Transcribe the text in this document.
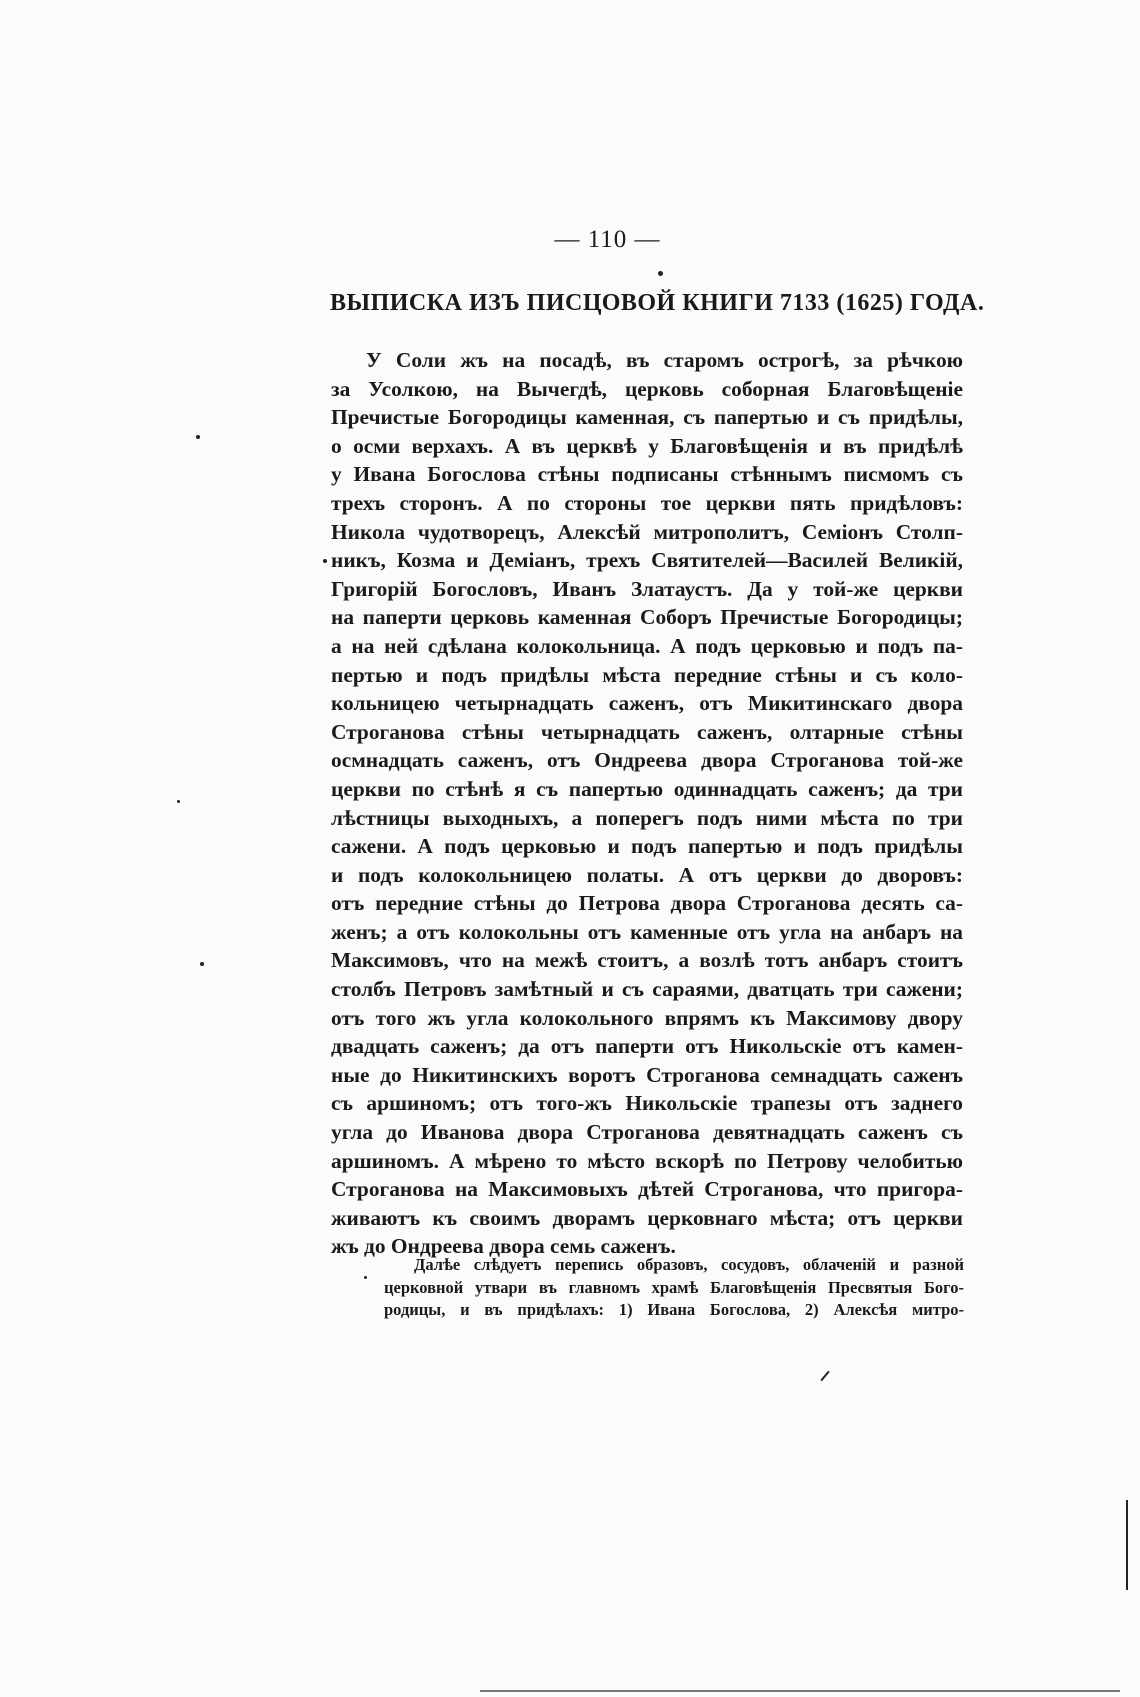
— 110 —
ВЫПИСКА ИЗЪ ПИСЦОВОЙ КНИГИ 7133 (1625) ГОДА.
У Соли жъ на посадѣ, въ старомъ острогѣ, за рѣчкою
за Усолкою, на Вычегдѣ, церковь соборная Благовѣщеніе
Пречистые Богородицы каменная, съ папертью и съ придѣлы,
о осми верхахъ. А въ церквѣ у Благовѣщенія и въ придѣлѣ
у Ивана Богослова стѣны подписаны стѣннымъ писмомъ съ
трехъ сторонъ. А по стороны тое церкви пять придѣловъ:
Никола чудотворецъ, Алексѣй митрополитъ, Семіонъ Столп-
никъ, Козма и Деміанъ, трехъ Святителей—Василей Великій,
Григорій Богословъ, Иванъ Златаустъ. Да у той-же церкви
на паперти церковь каменная Соборъ Пречистые Богородицы;
а на ней сдѣлана колокольница. А подъ церковью и подъ па-
пертью и подъ придѣлы мѣста передние стѣны и съ коло-
кольницею четырнадцать саженъ, отъ Микитинскаго двора
Строганова стѣны четырнадцать саженъ, олтарные стѣны
осмнадцать саженъ, отъ Ондреева двора Строганова той-же
церкви по стѣнѣ я съ папертью одиннадцать саженъ; да три
лѣстницы выходныхъ, а поперегъ подъ ними мѣста по три
сажени. А подъ церковью и подъ папертью и подъ придѣлы
и подъ колокольницею полаты. А отъ церкви до дворовъ:
отъ передние стѣны до Петрова двора Строганова десять са-
женъ; а отъ колокольны отъ каменные отъ угла на анбаръ на
Максимовъ, что на межѣ стоитъ, а возлѣ тотъ анбаръ стоитъ
столбъ Петровъ замѣтный и съ сараями, дватцать три сажени;
отъ того жъ угла колокольного впрямъ къ Максимову двору
двадцать саженъ; да отъ паперти отъ Никольскіе отъ камен-
ные до Никитинскихъ воротъ Строганова семнадцать саженъ
съ аршиномъ; отъ того-жъ Никольскіе трапезы отъ заднего
угла до Иванова двора Строганова девятнадцать саженъ съ
аршиномъ. А мѣрено то мѣсто вскорѣ по Петрову челобитью
Строганова на Максимовыхъ дѣтей Строганова, что пригора-
живаютъ къ своимъ дворамъ церковнаго мѣста; отъ церкви
жъ до Ондреева двора семь саженъ.
Далѣе слѣдуетъ перепись образовъ, сосудовъ, облаченій и разной
церковной утвари въ главномъ храмѣ Благовѣщенія Пресвятыя Бого-
родицы, и въ придѣлахъ: 1) Ивана Богослова, 2) Алексѣя митро-
